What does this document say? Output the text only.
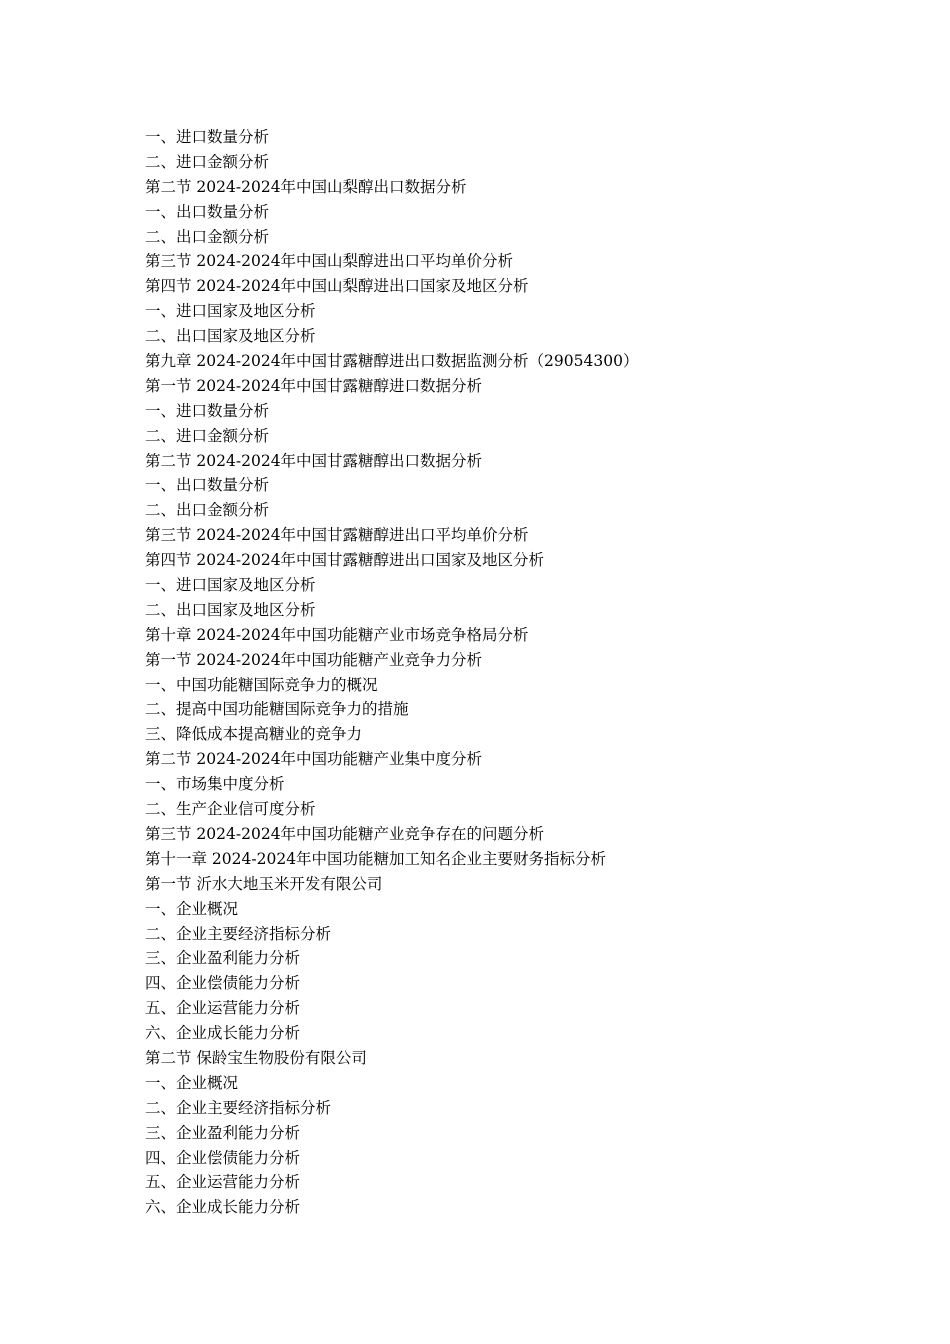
一、进口数量分析
二、进口金额分析
第二节 2024-2024年中国山梨醇出口数据分析
一、出口数量分析
二、出口金额分析
第三节 2024-2024年中国山梨醇进出口平均单价分析
第四节 2024-2024年中国山梨醇进出口国家及地区分析
一、进口国家及地区分析
二、出口国家及地区分析
第九章 2024-2024年中国甘露糖醇进出口数据监测分析（29054300）
第一节 2024-2024年中国甘露糖醇进口数据分析
一、进口数量分析
二、进口金额分析
第二节 2024-2024年中国甘露糖醇出口数据分析
一、出口数量分析
二、出口金额分析
第三节 2024-2024年中国甘露糖醇进出口平均单价分析
第四节 2024-2024年中国甘露糖醇进出口国家及地区分析
一、进口国家及地区分析
二、出口国家及地区分析
第十章 2024-2024年中国功能糖产业市场竞争格局分析
第一节 2024-2024年中国功能糖产业竞争力分析
一、中国功能糖国际竞争力的概况
二、提高中国功能糖国际竞争力的措施
三、降低成本提高糖业的竞争力
第二节 2024-2024年中国功能糖产业集中度分析
一、市场集中度分析
二、生产企业信可度分析
第三节 2024-2024年中国功能糖产业竞争存在的问题分析
第十一章 2024-2024年中国功能糖加工知名企业主要财务指标分析
第一节 沂水大地玉米开发有限公司
一、企业概况
二、企业主要经济指标分析
三、企业盈利能力分析
四、企业偿债能力分析
五、企业运营能力分析
六、企业成长能力分析
第二节 保龄宝生物股份有限公司
一、企业概况
二、企业主要经济指标分析
三、企业盈利能力分析
四、企业偿债能力分析
五、企业运营能力分析
六、企业成长能力分析
